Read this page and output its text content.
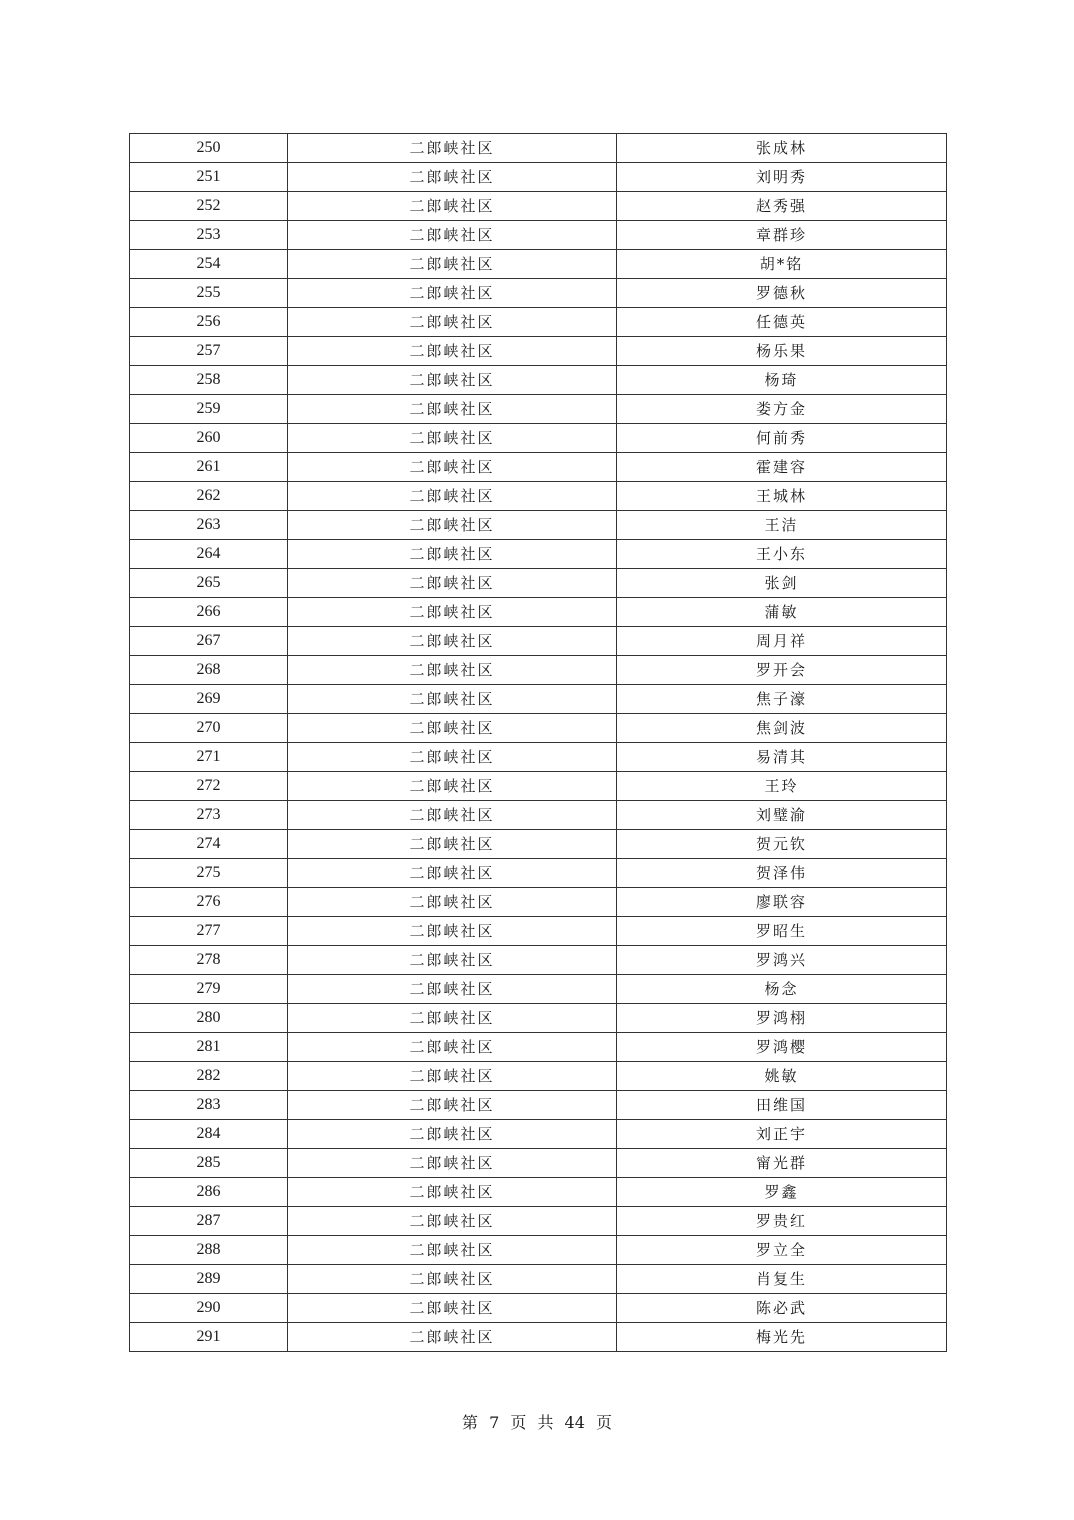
250	二郎峡社区	张成林
251	二郎峡社区	刘明秀
252	二郎峡社区	赵秀强
253	二郎峡社区	章群珍
254	二郎峡社区	胡*铭
255	二郎峡社区	罗德秋
256	二郎峡社区	任德英
257	二郎峡社区	杨乐果
258	二郎峡社区	杨琦
259	二郎峡社区	娄方金
260	二郎峡社区	何前秀
261	二郎峡社区	霍建容
262	二郎峡社区	王城林
263	二郎峡社区	王洁
264	二郎峡社区	王小东
265	二郎峡社区	张剑
266	二郎峡社区	蒲敏
267	二郎峡社区	周月祥
268	二郎峡社区	罗开会
269	二郎峡社区	焦子濠
270	二郎峡社区	焦剑波
271	二郎峡社区	易清其
272	二郎峡社区	王玲
273	二郎峡社区	刘璧渝
274	二郎峡社区	贺元钦
275	二郎峡社区	贺泽伟
276	二郎峡社区	廖联容
277	二郎峡社区	罗昭生
278	二郎峡社区	罗鸿兴
279	二郎峡社区	杨念
280	二郎峡社区	罗鸿栩
281	二郎峡社区	罗鸿樱
282	二郎峡社区	姚敏
283	二郎峡社区	田维国
284	二郎峡社区	刘正宇
285	二郎峡社区	甯光群
286	二郎峡社区	罗鑫
287	二郎峡社区	罗贵红
288	二郎峡社区	罗立全
289	二郎峡社区	肖复生
290	二郎峡社区	陈必武
291	二郎峡社区	梅光先
第 7 页 共 44 页
